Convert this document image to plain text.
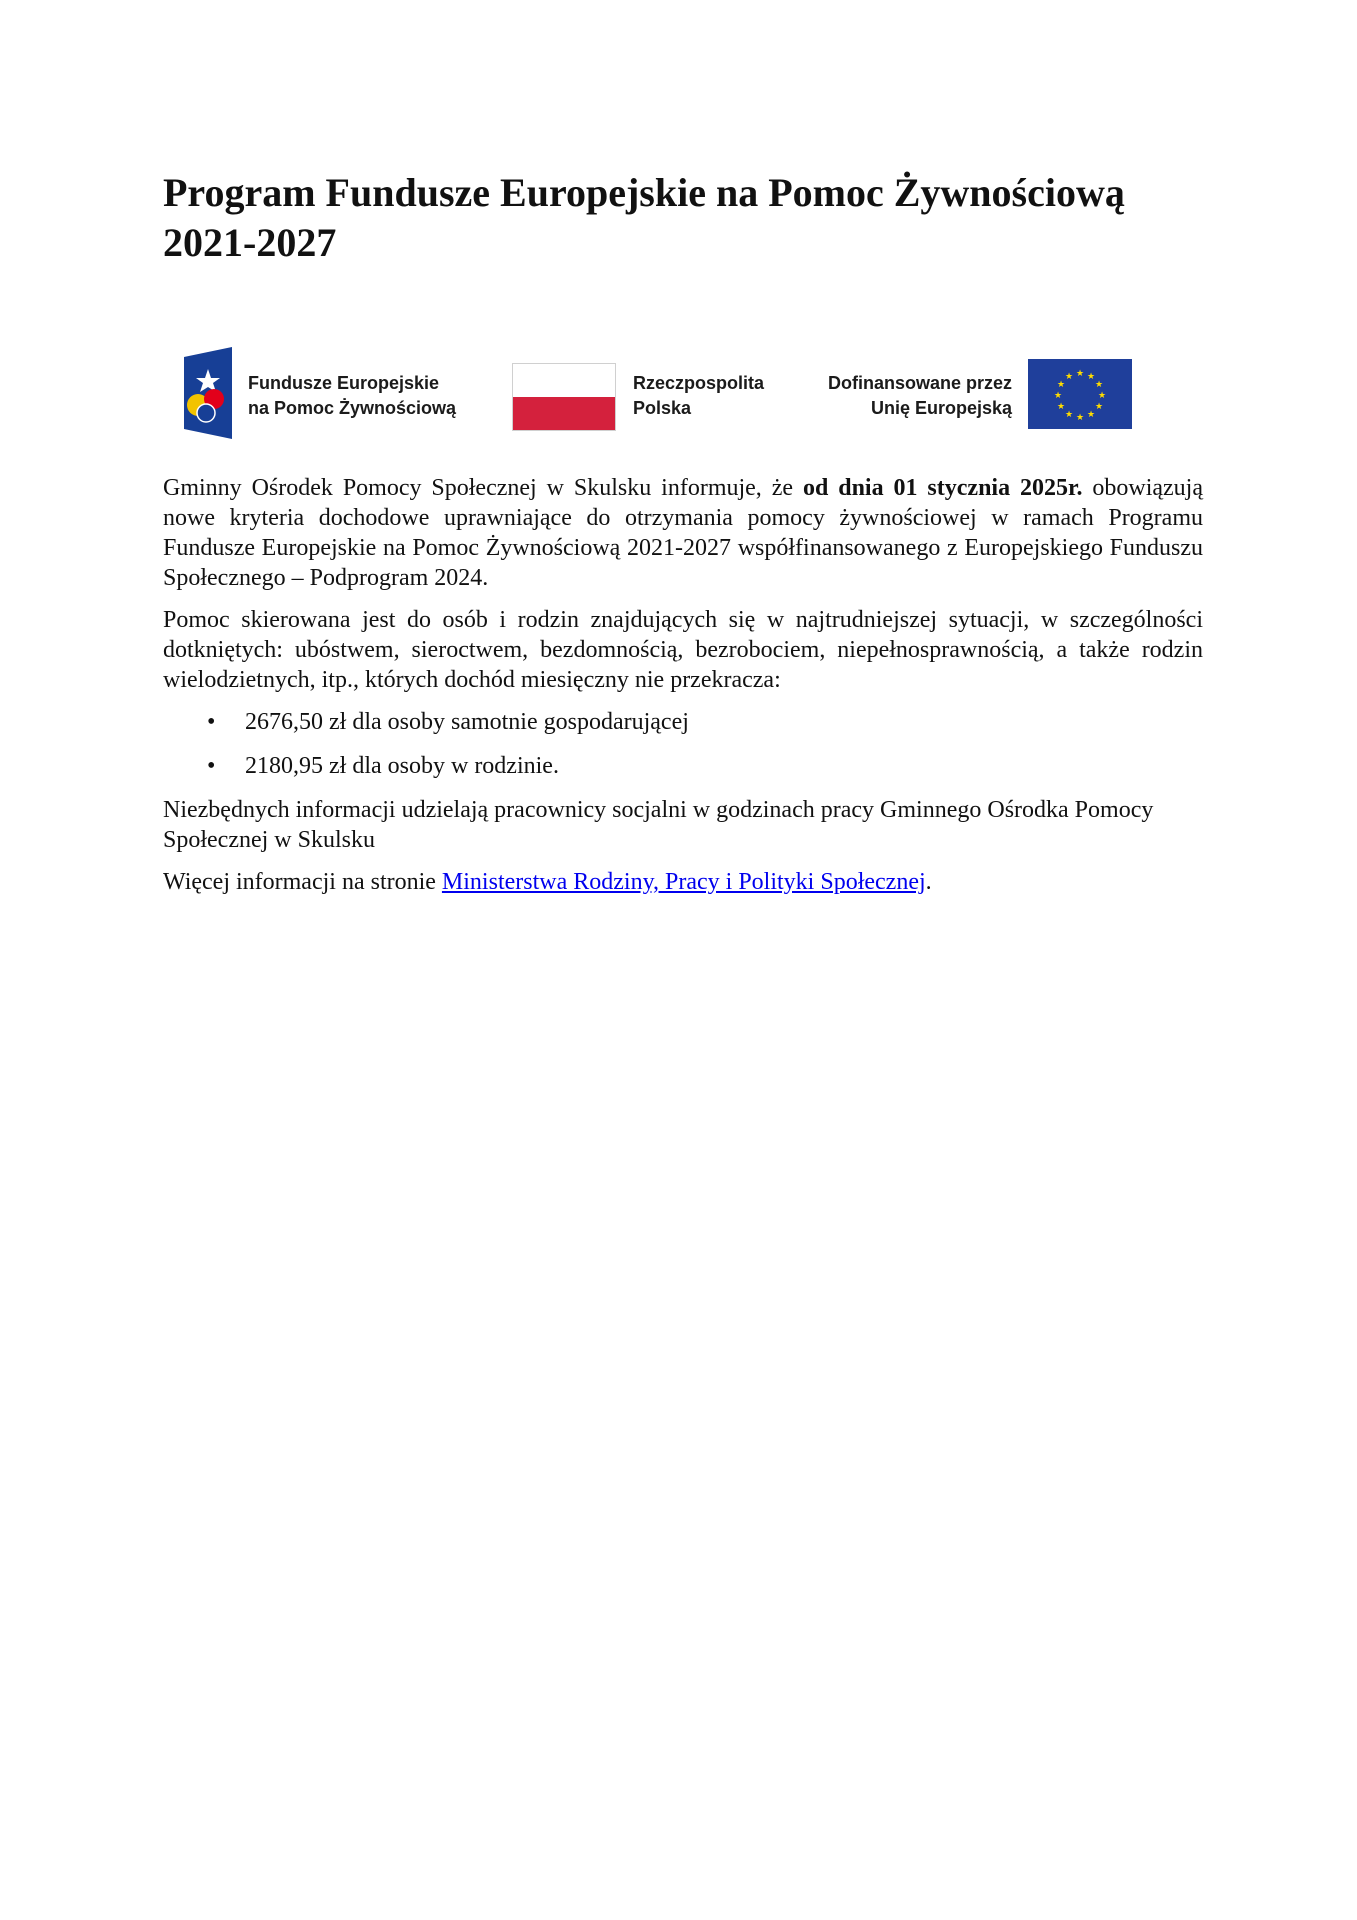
Program Fundusze Europejskie na Pomoc Żywnościową
2021-2027
Fundusze Europejskie
na Pomoc Żywnościową
Rzeczpospolita
Polska
Dofinansowane przez
Unię Europejską
★ ★
★
★
★
★
★
★
★
★
★
★

Gminny Ośrodek Pomocy Społecznej w Skulsku informuje, że od dnia 01 stycznia 2025r. obowiązują nowe kryteria dochodowe uprawniające do otrzymania pomocy żywnościowej w ramach Programu Fundusze Europejskie na Pomoc Żywnościową 2021-2027 współfinansowanego z Europejskiego Funduszu Społecznego – Podprogram 2024.

Pomoc skierowana jest do osób i rodzin znajdujących się w najtrudniejszej sytuacji, w szczególności dotkniętych: ubóstwem, sieroctwem, bezdomnością, bezrobociem, niepełnosprawnością, a także rodzin wielodzietnych, itp., których dochód miesięczny nie przekracza:

• 2676,50 zł dla osoby samotnie gospodarującej
• 2180,95 zł dla osoby w rodzinie.

Niezbędnych informacji udzielają pracownicy socjalni w godzinach pracy Gminnego Ośrodka Pomocy Społecznej w Skulsku

Więcej informacji na stronie Ministerstwa Rodziny, Pracy i Polityki Społecznej.
